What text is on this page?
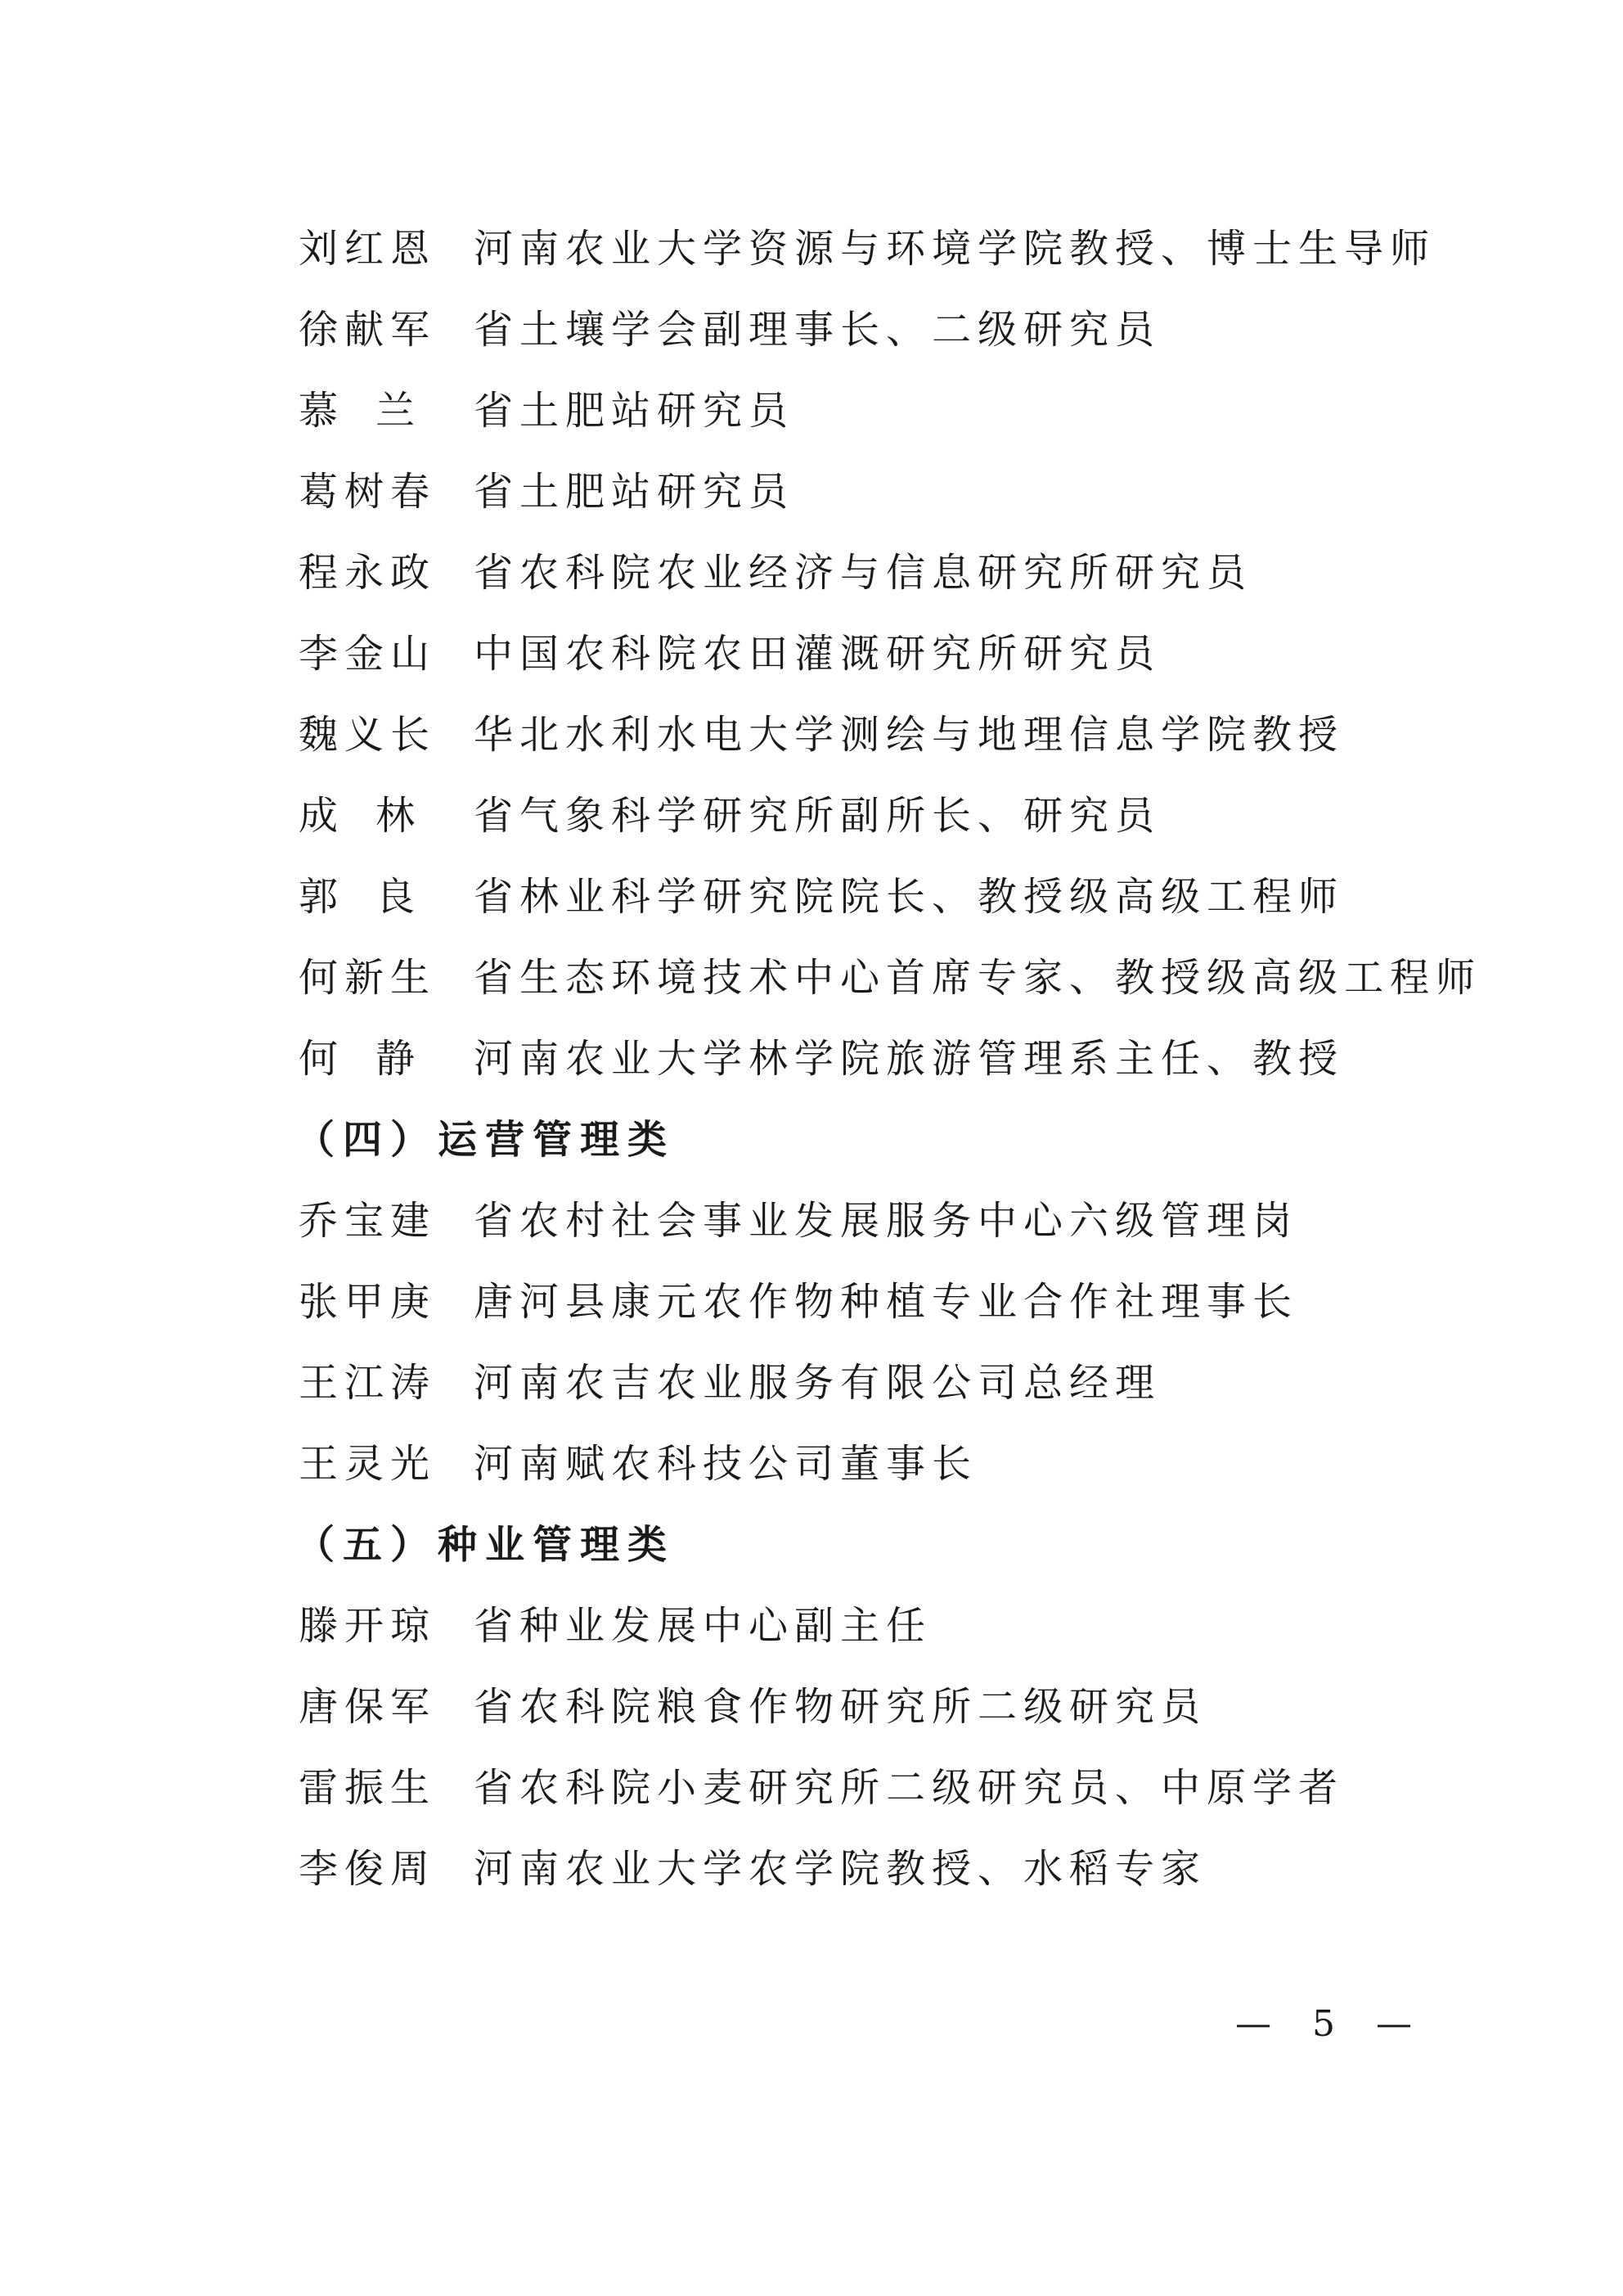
刘 红 恩 河南农业大学资源与环境学院教授、博士生导师
徐 献 军 省土壤学会副理事长、二级研究员
慕 兰 省土肥站研究员
葛 树 春 省土肥站研究员
程 永 政 省农科院农业经济与信息研究所研究员
李 金 山 中国农科院农田灌溉研究所研究员
魏 义 长 华北水利水电大学测绘与地理信息学院教授
成 林 省气象科学研究所副所长、研究员
郭 良 省林业科学研究院院长、教授级高级工程师
何 新 生 省生态环境技术中心首席专家、教授级高级工程师
何 静 河南农业大学林学院旅游管理系主任、教授
（四）运营管理类
乔 宝 建 省农村社会事业发展服务中心六级管理岗
张 甲 庚 唐河县康元农作物种植专业合作社理事长
王 江 涛 河南农吉农业服务有限公司总经理
王 灵 光 河南赋农科技公司董事长
（五）种业管理类
滕 开 琼 省种业发展中心副主任
唐 保 军 省农科院粮食作物研究所二级研究员
雷 振 生 省农科院小麦研究所二级研究员、中原学者
李 俊 周 河南农业大学农学院教授、水稻专家
— 5 —
